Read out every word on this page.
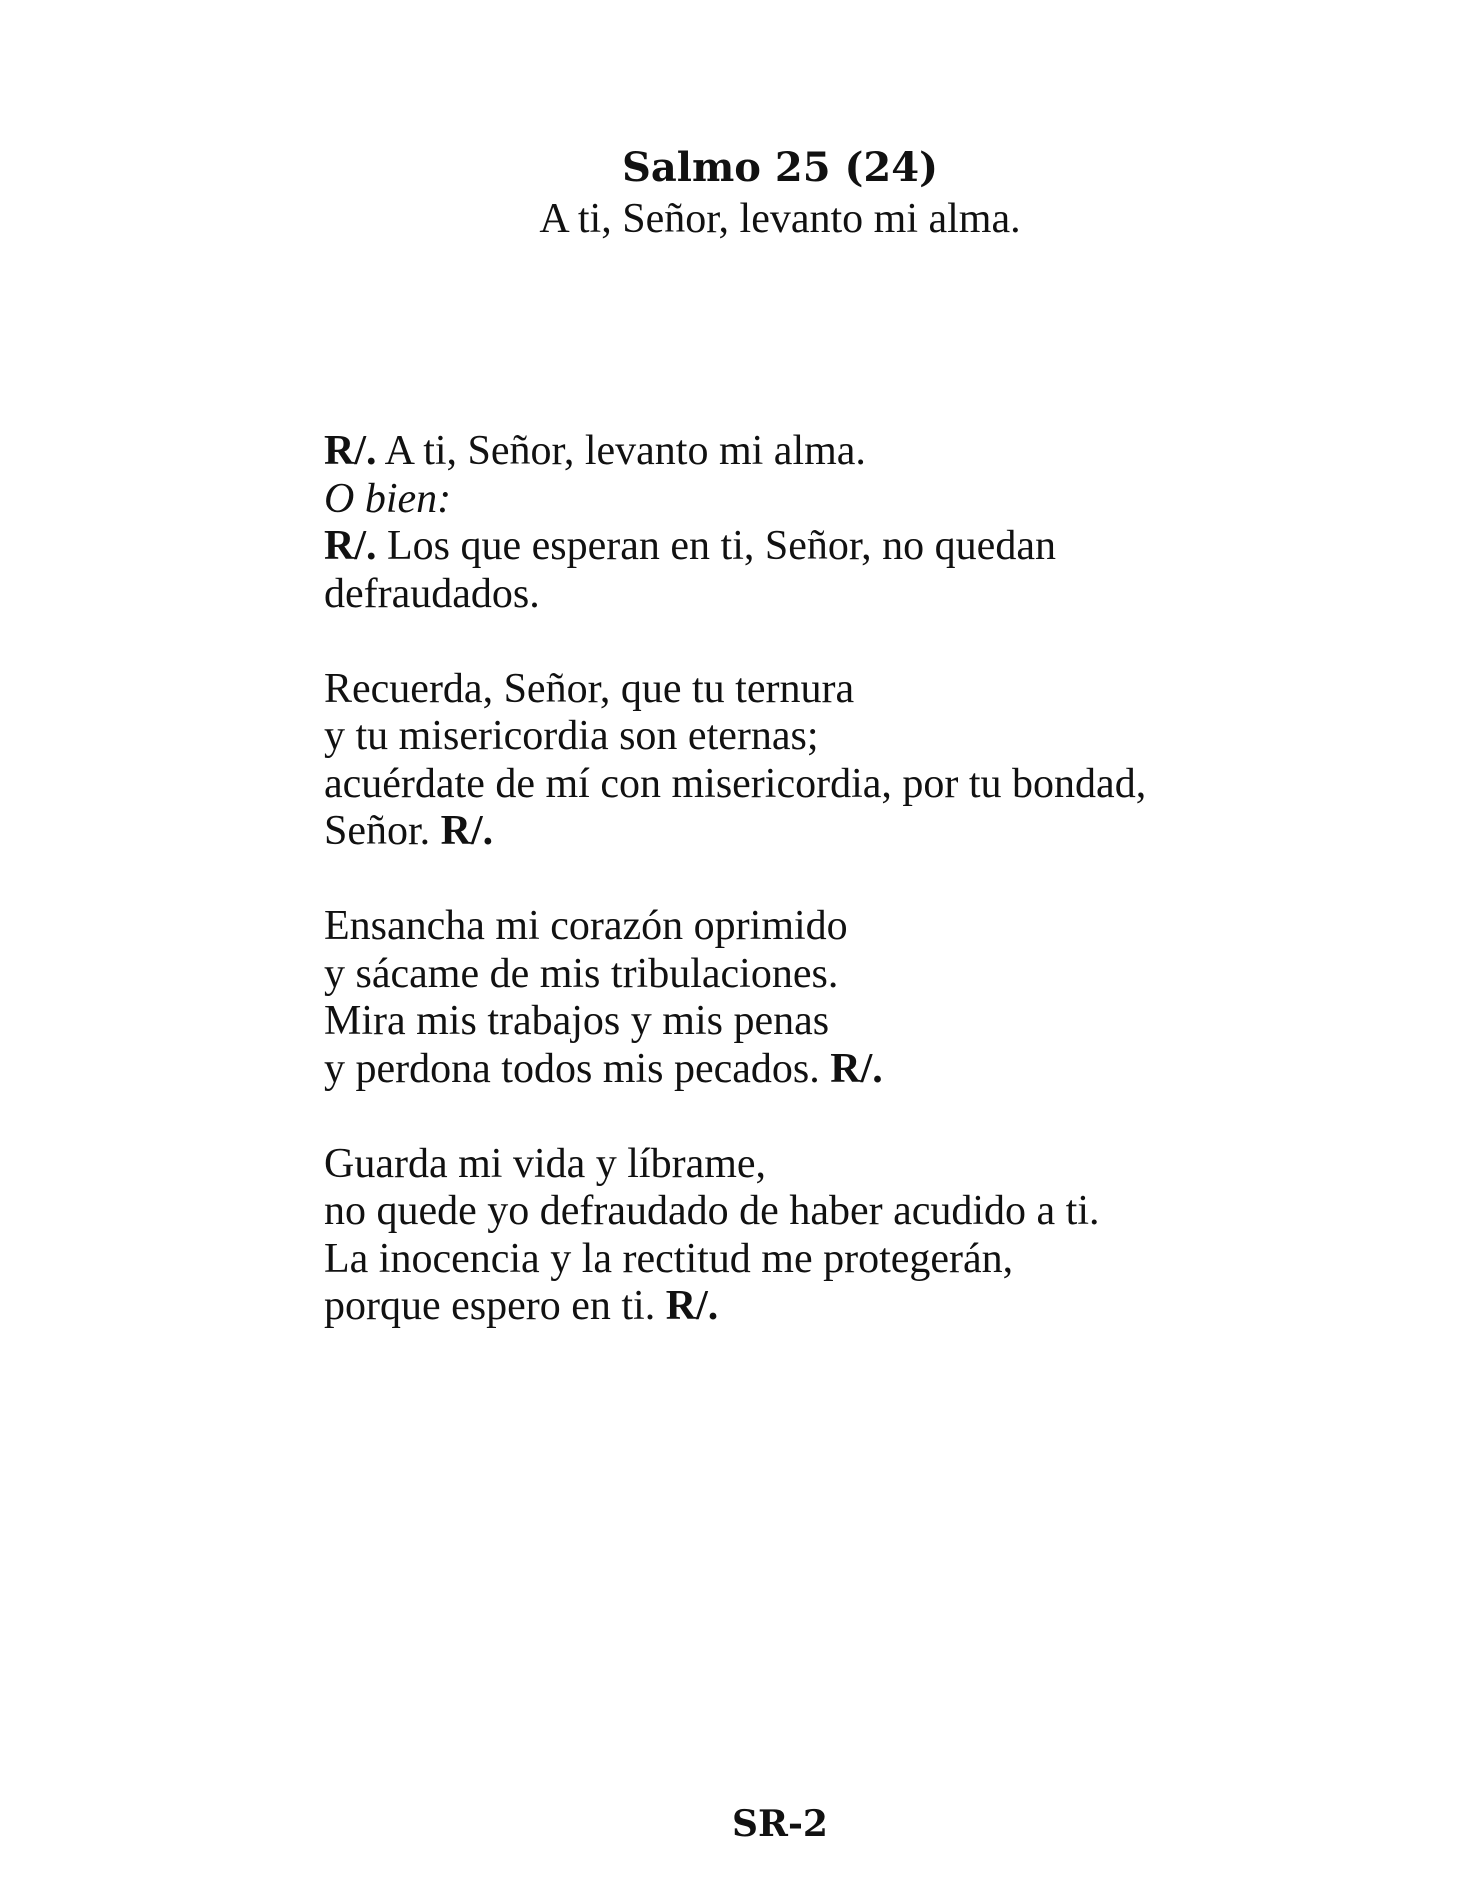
Salmo 25 (24)
A ti, Señor, levanto mi alma.
R/. A ti, Señor, levanto mi alma.
O bien:
R/. Los que esperan en ti, Señor, no quedan
defraudados.
Recuerda, Señor, que tu ternura
y tu misericordia son eternas;
acuérdate de mí con misericordia, por tu bondad,
Señor. R/.
Ensancha mi corazón oprimido
y sácame de mis tribulaciones.
Mira mis trabajos y mis penas
y perdona todos mis pecados. R/.
Guarda mi vida y líbrame,
no quede yo defraudado de haber acudido a ti.
La inocencia y la rectitud me protegerán,
porque espero en ti. R/.
SR-2
